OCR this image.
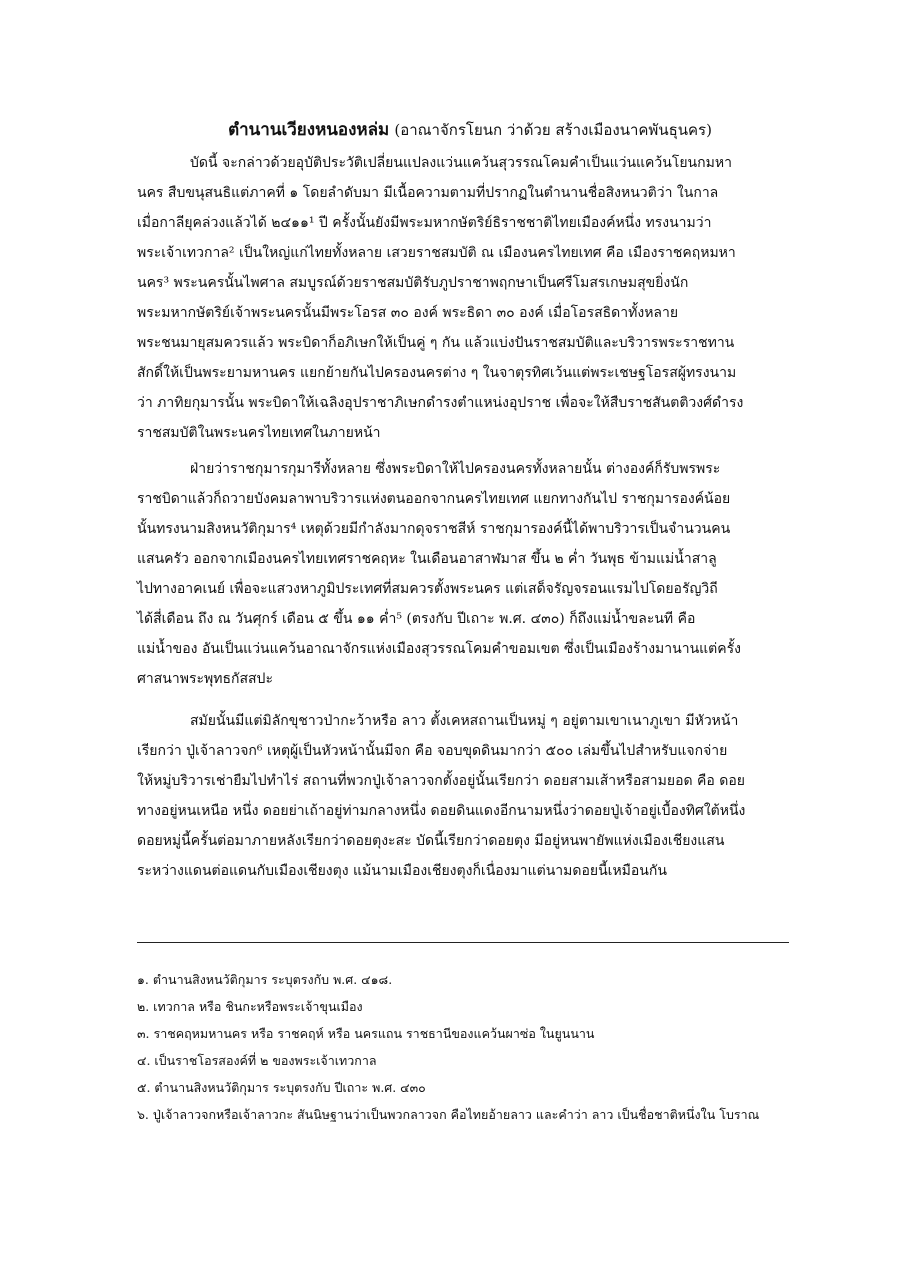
ตำนานเวียงหนองหล่ม (อาณาจักรโยนก ว่าด้วย สร้างเมืองนาคพันธุนคร)
บัดนี้ จะกล่าวด้วยอุบัติประวัติเปลี่ยนแปลงแว่นแคว้นสุวรรณโคมคำเป็นแว่นแคว้นโยนกมหา
นคร สืบขนุสนธิแต่ภาคที่ ๑ โดยลำดับมา มีเนื้อความตามที่ปรากฏในตำนานชื่อสิงหนวติว่า ในกาล
เมื่อกาลียุคล่วงแล้วได้ ๒๔๑๑¹ ปี ครั้งนั้นยังมีพระมหากษัตริย์ธิราชชาติไทยเมืองค์หนึ่ง ทรงนามว่า
พระเจ้าเทวกาล² เป็นใหญ่แก่ไทยทั้งหลาย เสวยราชสมบัติ ณ เมืองนครไทยเทศ คือ เมืองราชคฤหมหา
นคร³ พระนครนั้นไพศาล สมบูรณ์ด้วยราชสมบัติรับภูปราชาพฤกษาเป็นศรีโมสรเกษมสุขยิ่งนัก
พระมหากษัตริย์เจ้าพระนครนั้นมีพระโอรส ๓๐ องค์ พระธิดา ๓๐ องค์ เมื่อโอรสธิดาทั้งหลาย
พระชนมายุสมควรแล้ว พระบิดาก็อภิเษกให้เป็นคู่ ๆ กัน แล้วแบ่งปันราชสมบัติและบริวารพระราชทาน
สักดิ์ให้เป็นพระยามหานคร แยกย้ายกันไปครองนครต่าง ๆ ในจาตุรทิศเว้นแต่พระเชษฐโอรสผู้ทรงนาม
ว่า ภาทิยกุมารนั้น พระบิดาให้เฉลิงอุปราชาภิเษกดำรงตำแหน่งอุปราช เพื่อจะให้สืบราชสันตติวงศ์ดำรง
ราชสมบัติในพระนครไทยเทศในภายหน้า
ฝ่ายว่าราชกุมารกุมารีทั้งหลาย ซึ่งพระบิดาให้ไปครองนครทั้งหลายนั้น ต่างองค์ก็รับพรพระ
ราชบิดาแล้วก็ถวายบังคมลาพาบริวารแห่งตนออกจากนครไทยเทศ แยกทางกันไป ราชกุมารองค์น้อย
นั้นทรงนามสิงหนวัติกุมาร⁴ เหตุด้วยมีกำลังมากดุจราชสีห์ ราชกุมารองค์นี้ได้พาบริวารเป็นจำนวนคน
แสนครัว ออกจากเมืองนครไทยเทศราชคฤหะ ในเดือนอาสาฬมาส ขึ้น ๒ ค่ำ วันพุธ ข้ามแม่น้ำสาลู
ไปทางอาคเนย์ เพื่อจะแสวงหาภูมิประเทศที่สมควรตั้งพระนคร แต่เสด็จรัญจรอนแรมไปโดยอรัญวิถี
ได้สี่เดือน ถึง ณ วันศุกร์ เดือน ๕ ขึ้น ๑๑ ค่ำ⁵ (ตรงกับ ปีเถาะ พ.ศ. ๔๓๐) ก็ถึงแม่น้ำขละนที คือ
แม่น้ำของ อันเป็นแว่นแคว้นอาณาจักรแห่งเมืองสุวรรณโคมคำขอมเขต ซึ่งเป็นเมืองร้างมานานแต่ครั้ง
ศาสนาพระพุทธกัสสปะ
สมัยนั้นมีแต่มิลักขุชาวป่ากะว้าหรือ ลาว ตั้งเคหสถานเป็นหมู่ ๆ อยู่ตามเขาเนาภูเขา มีหัวหน้า
เรียกว่า ปู่เจ้าลาวจก⁶ เหตุผู้เป็นหัวหน้านั้นมีจก คือ จอบขุดดินมากว่า ๕๐๐ เล่มขึ้นไปสำหรับแจกจ่าย
ให้หมู่บริวารเช่ายืมไปทำไร่ สถานที่พวกปู่เจ้าลาวจกตั้งอยู่นั้นเรียกว่า ดอยสามเส้าหรือสามยอด คือ ดอย
ทางอยู่หนเหนือ หนึ่ง ดอยย่าเถ้าอยู่ท่ามกลางหนึ่ง ดอยดินแดงอีกนามหนึ่งว่าดอยปู่เจ้าอยู่เบื้องทิศใต้หนึ่ง
ดอยหมู่นี้ครั้นต่อมาภายหลังเรียกว่าดอยตุงะสะ บัดนี้เรียกว่าดอยตุง มีอยู่หนพายัพแห่งเมืองเชียงแสน
ระหว่างแดนต่อแดนกับเมืองเชียงตุง แม้นามเมืองเชียงตุงก็เนื่องมาแต่นามดอยนี้เหมือนกัน
๑. ตำนานสิงหนวัติกุมาร ระบุตรงกับ พ.ศ. ๔๑๘.
๒. เทวกาล หรือ ชินกะหรือพระเจ้าขุนเมือง
๓. ราชคฤหมหานคร หรือ ราชคฤห์ หรือ นครแถน ราชธานีของแคว้นผาซ่อ ในยูนนาน
๔. เป็นราชโอรสองค์ที่ ๒ ของพระเจ้าเทวกาล
๕. ตำนานสิงหนวัติกุมาร ระบุตรงกับ ปีเถาะ พ.ศ. ๔๓๐
๖. ปู่เจ้าลาวจกหรือเจ้าลาวกะ สันนิษฐานว่าเป็นพวกลาวจก คือไทยอ้ายลาว และคำว่า ลาว เป็นชื่อชาติหนึ่งใน โบราณ
